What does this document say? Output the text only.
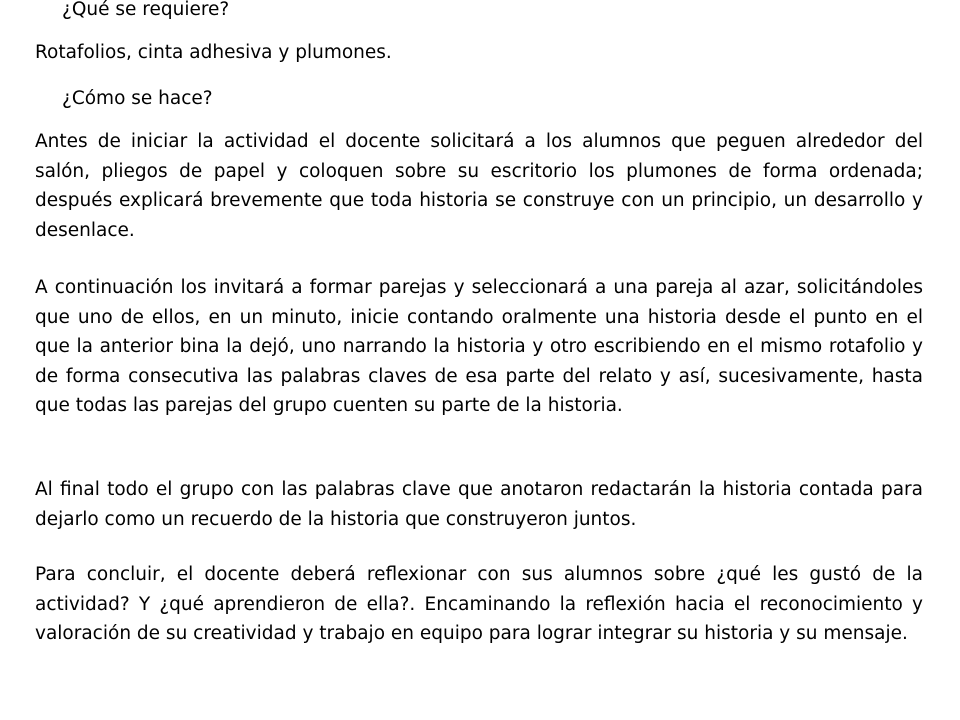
¿Qué se requiere?

Rotafolios, cinta adhesiva y plumones.

¿Cómo se hace?

Antes de iniciar la actividad el docente solicitará a los alumnos que peguen alrededor del salón, pliegos de papel y coloquen sobre su escritorio los plumones de forma ordenada; después explicará brevemente que toda historia se construye con un principio, un desarrollo y desenlace.

A continuación los invitará a formar parejas y seleccionará a una pareja al azar, solicitándoles que uno de ellos, en un minuto, inicie contando oralmente una historia desde el punto en el que la anterior bina la dejó, uno narrando la historia y otro escribiendo en el mismo rotafolio y de forma consecutiva las palabras claves de esa parte del relato y así, sucesivamente, hasta que todas las parejas del grupo cuenten su parte de la historia.

Al final todo el grupo con las palabras clave que anotaron redactarán la historia contada para dejarlo como un recuerdo de la historia que construyeron juntos.

Para concluir, el docente deberá reflexionar con sus alumnos sobre ¿qué les gustó de la actividad? Y ¿qué aprendieron de ella?. Encaminando la reflexión hacia el reconocimiento y valoración de su creatividad y trabajo en equipo para lograr integrar su historia y su mensaje.
